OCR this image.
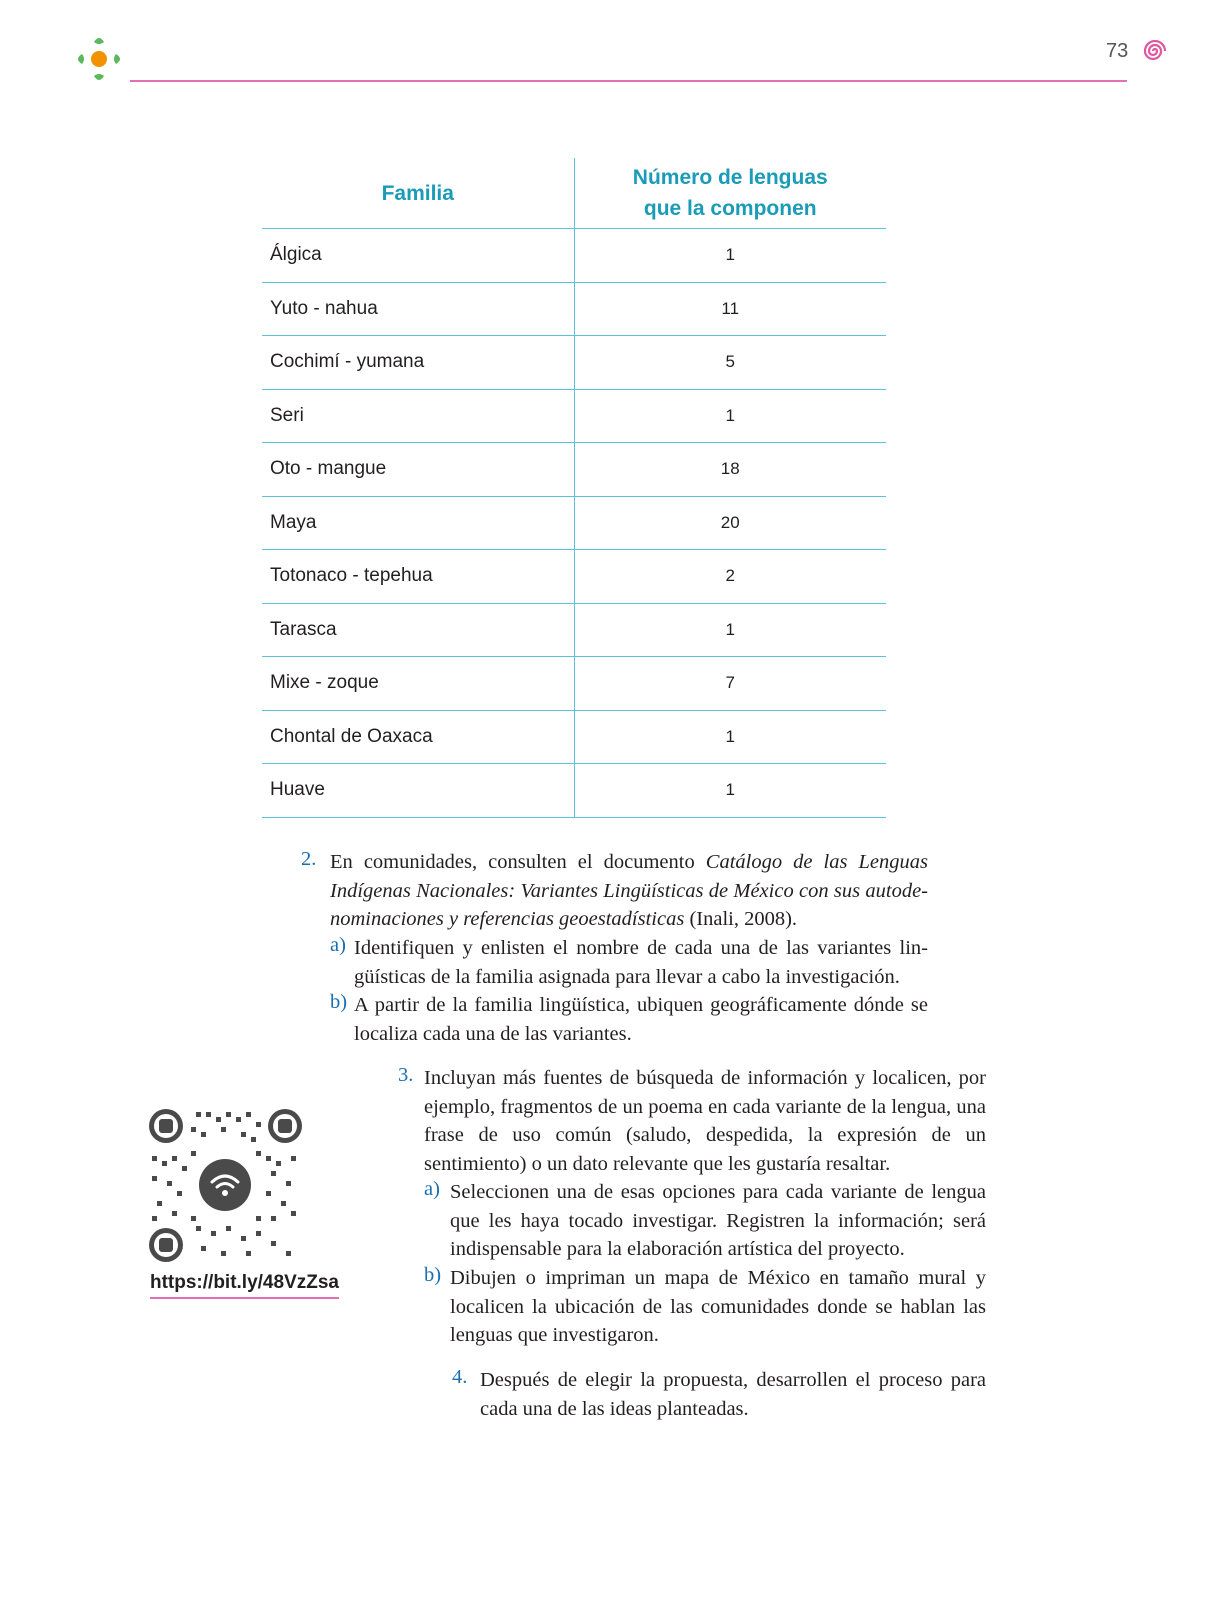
73
Familia
Número de lenguas
que la componen
Álgica	1
Yuto - nahua	11
Cochimí - yumana	5
Seri	1
Oto - mangue	18
Maya	20
Totonaco - tepehua	2
Tarasca	1
Mixe - zoque	7
Chontal de Oaxaca	1
Huave	1
2. En comunidades, consulten el documento Catálogo de las Lenguas Indígenas Nacionales: Variantes Lingüísticas de México con sus autodenominaciones y referencias geoestadísticas (Inali, 2008).
a) Identifiquen y enlisten el nombre de cada una de las variantes lingüísticas de la familia asignada para llevar a cabo la investigación.
b) A partir de la familia lingüística, ubiquen geográficamente dónde se localiza cada una de las variantes.
3. Incluyan más fuentes de búsqueda de información y localicen, por ejemplo, fragmentos de un poema en cada variante de la lengua, una frase de uso común (saludo, despedida, la expresión de un sentimiento) o un dato relevante que les gustaría resaltar.
a) Seleccionen una de esas opciones para cada variante de lengua que les haya tocado investigar. Registren la información; será indispensable para la elaboración artística del proyecto.
b) Dibujen o impriman un mapa de México en tamaño mural y localicen la ubicación de las comunidades donde se hablan las lenguas que investigaron.
4. Después de elegir la propuesta, desarrollen el proceso para cada una de las ideas planteadas.
https://bit.ly/48VzZsa
